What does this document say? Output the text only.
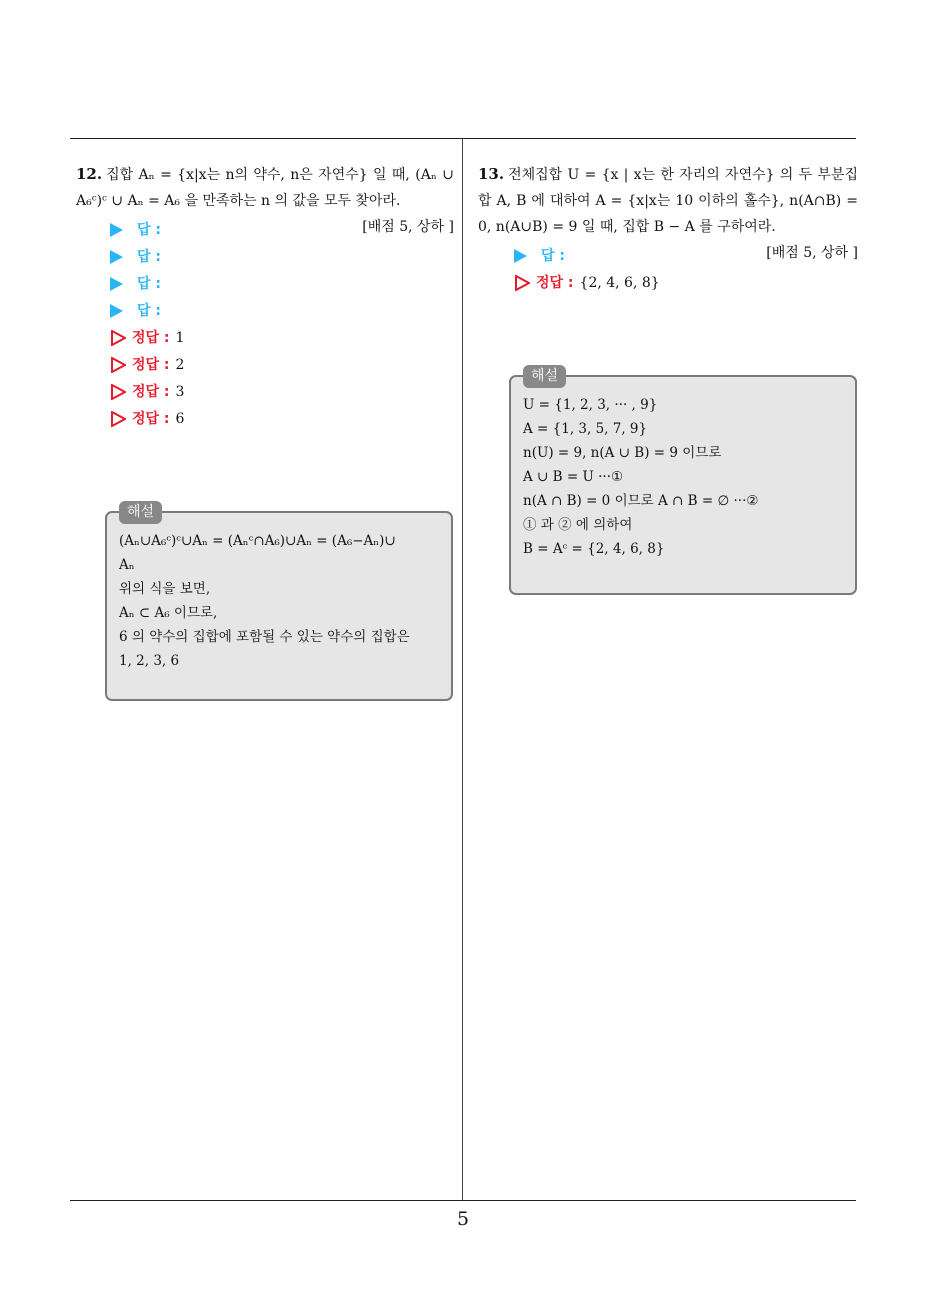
12. 집합 Aₙ = {x|x는 n의 약수, n은 자연수} 일 때, (Aₙ ∪ A₆ᶜ)ᶜ ∪ Aₙ = A₆ 을 만족하는 n 의 값을 모두 찾아라.
[배점 5, 상하 ]
답 :
답 :
답 :
답 :
정답 : 1
정답 : 2
정답 : 3
정답 : 6
해설
(Aₙ∪A₆ᶜ)ᶜ∪Aₙ = (Aₙᶜ∩A₆)∪Aₙ = (A₆−Aₙ)∪
Aₙ
위의 식을 보면,
Aₙ ⊂ A₆ 이므로,
6 의 약수의 집합에 포함될 수 있는 약수의 집합은
1, 2, 3, 6
13. 전체집합 U = {x | x는 한 자리의 자연수} 의 두 부분집합 A, B 에 대하여 A = {x|x는 10 이하의 홀수}, n(A∩B) = 0, n(A∪B) = 9 일 때, 집합 B − A 를 구하여라.
[배점 5, 상하 ]
답 :
정답 : {2, 4, 6, 8}
해설
U = {1, 2, 3, ··· , 9}
A = {1, 3, 5, 7, 9}
n(U) = 9, n(A ∪ B) = 9 이므로
A ∪ B = U ···①
n(A ∩ B) = 0 이므로 A ∩ B = ∅ ···②
① 과 ② 에 의하여
B = Aᶜ = {2, 4, 6, 8}
5
